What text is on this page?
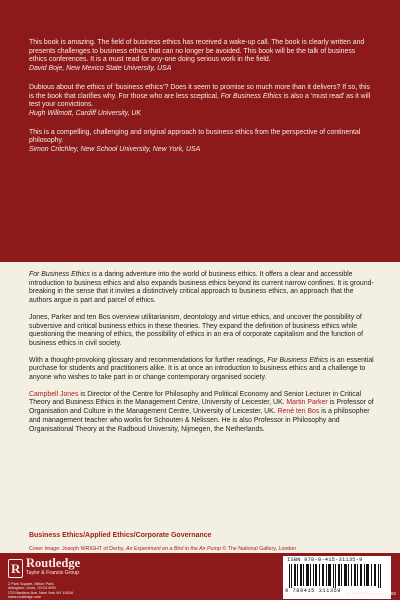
This book is amazing. The field of business ethics has received a wake-up call. The book is clearly written and presents challenges to business ethics that can no longer be avoided. This book will be the talk of business ethics conferences. It is a must read for any-one doing serious work in the field.
David Boje, New Mexico State University, USA

Dubious about the ethics of ‘business ethics’? Does it seem to promise so much more than it delivers? If so, this is the book that clarifies why. For those who are less sceptical, For Business Ethics is also a ‘must read’ as it will test your convictions.
Hugh Willmott, Cardiff University, UK

This is a compelling, challenging and original approach to business ethics from the perspective of continental philosophy.
Simon Critchley, New School University, New York, USA

For Business Ethics is a daring adventure into the world of business ethics. It offers a clear and accessible introduction to business ethics and also expands business ethics beyond its current narrow confines. It is ground-breaking in the sense that it invites a distinctively critical approach to business ethics, an approach that the authors argue is part and parcel of ethics.

Jones, Parker and ten Bos overview utilitarianism, deontology and virtue ethics, and uncover the possibility of subversive and critical business ethics in these theories. They expand the definition of business ethics while questioning the meaning of ethics, the possibility of ethics in an era of corporate capitalism and the function of business ethics in civil society.

With a thought-provoking glossary and recommendations for further readings, For Business Ethics is an essential purchase for students and practitioners alike. It is at once an introduction to business ethics and a challenge to anyone who wishes to take part in or change contemporary organised society.

Campbell Jones is Director of the Centre for Philosophy and Political Economy and Senior Lecturer in Critical Theory and Business Ethics in the Management Centre, University of Leicester, UK. Martin Parker is Professor of Organisation and Culture in the Management Centre, University of Leicester, UK. René ten Bos is a philosopher and management teacher who works for Schouten & Nelissen. He is also Professor in Philosophy and Organisational Theory at the Radboud University, Nijmegen, the Netherlands.

Business Ethics/Applied Ethics/Corporate Governance
Cover image: Joseph WRIGHT of Derby, An Experiment on a Bird in the Air Pump © The National Gallery, London
R Routledge
Taylor & Francis Group
2 Park Square, Milton Park,
Abingdon, Oxon, OX14 4RN
270 Madison Ave, New York NY 10016
www.routledge.com
ISBN 978-0-415-31135-9
9 780415 311359 an informa business
